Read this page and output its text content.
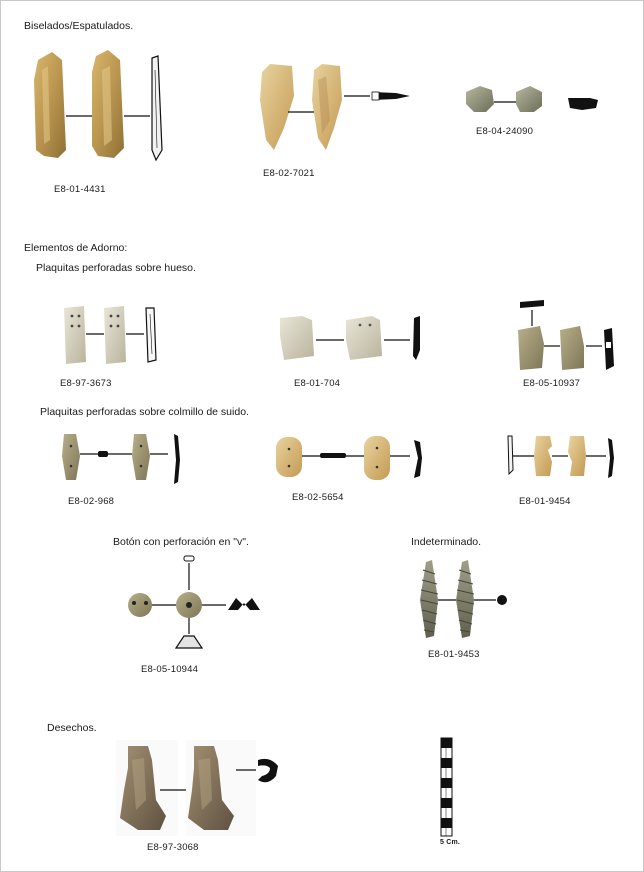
Biselados/Espatulados.
Elementos de Adorno:
Plaquitas perforadas sobre hueso.
Plaquitas perforadas sobre colmillo de suido.
Botón con perforación en "v".	Indeterminado.
Desechos.
E8-01-4431
E8-02-7021
E8-04-24090
E8-97-3673	E8-01-704	E8-05-10937
E8-02-968	E8-02-5654	E8-01-9454
E8-05-10944
E8-01-9453
E8-97-3068	5 Cm.
